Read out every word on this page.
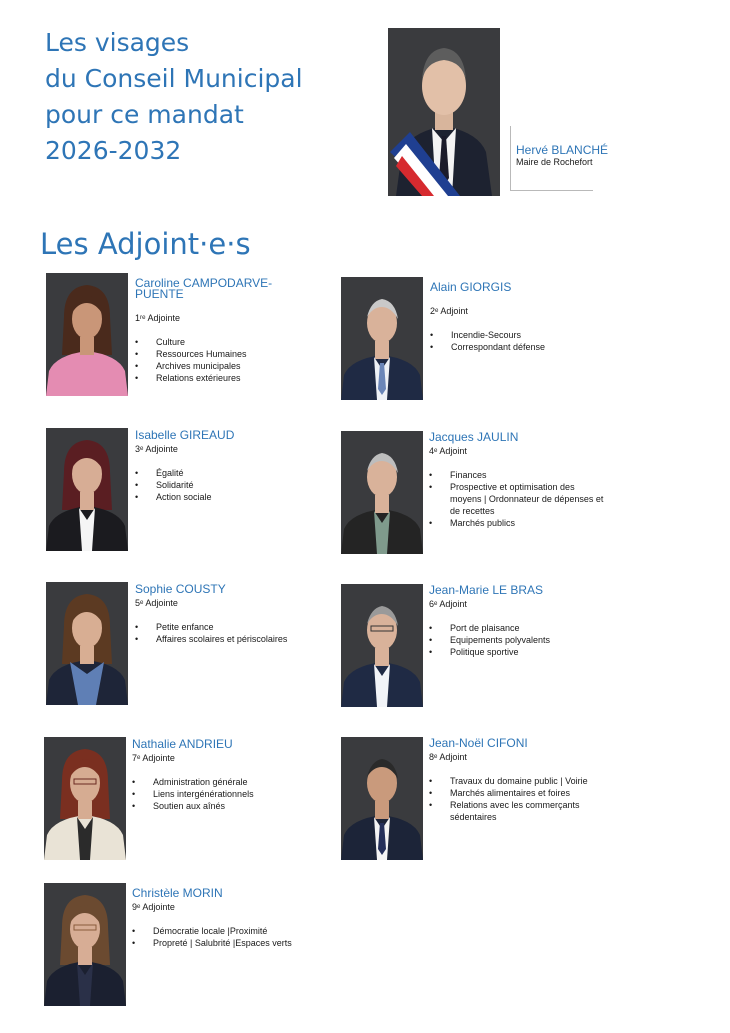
Les visages
du Conseil Municipal
pour ce mandat
2026-2032	Hervé BLANCHÉ
Maire de Rochefort
Les Adjoint·e·s
Caroline CAMPODARVE-PUENTE
1ʳᵉ Adjointe
• Culture
• Ressources Humaines
• Archives municipales
• Relations extérieures
Alain GIORGIS
2ᵉ Adjoint
• Incendie-Secours
• Correspondant défense
Isabelle GIREAUD
3ᵉ Adjointe
• Égalité
• Solidarité
• Action sociale
Jacques JAULIN
4ᵉ Adjoint
• Finances
• Prospective et optimisation des moyens | Ordonnateur de dépenses et de recettes
• Marchés publics
Sophie COUSTY
5ᵉ Adjointe
• Petite enfance
• Affaires scolaires et périscolaires
Jean-Marie LE BRAS
6ᵉ Adjoint
• Port de plaisance
• Equipements polyvalents
• Politique sportive
Nathalie ANDRIEU
7ᵉ Adjointe
• Administration générale
• Liens intergénérationnels
• Soutien aux aînés
Jean-Noël CIFONI
8ᵉ Adjoint
• Travaux du domaine public | Voirie
• Marchés alimentaires et foires
• Relations avec les commerçants sédentaires
Christèle MORIN
9ᵉ Adjointe
• Démocratie locale |Proximité
• Propreté | Salubrité |Espaces verts
